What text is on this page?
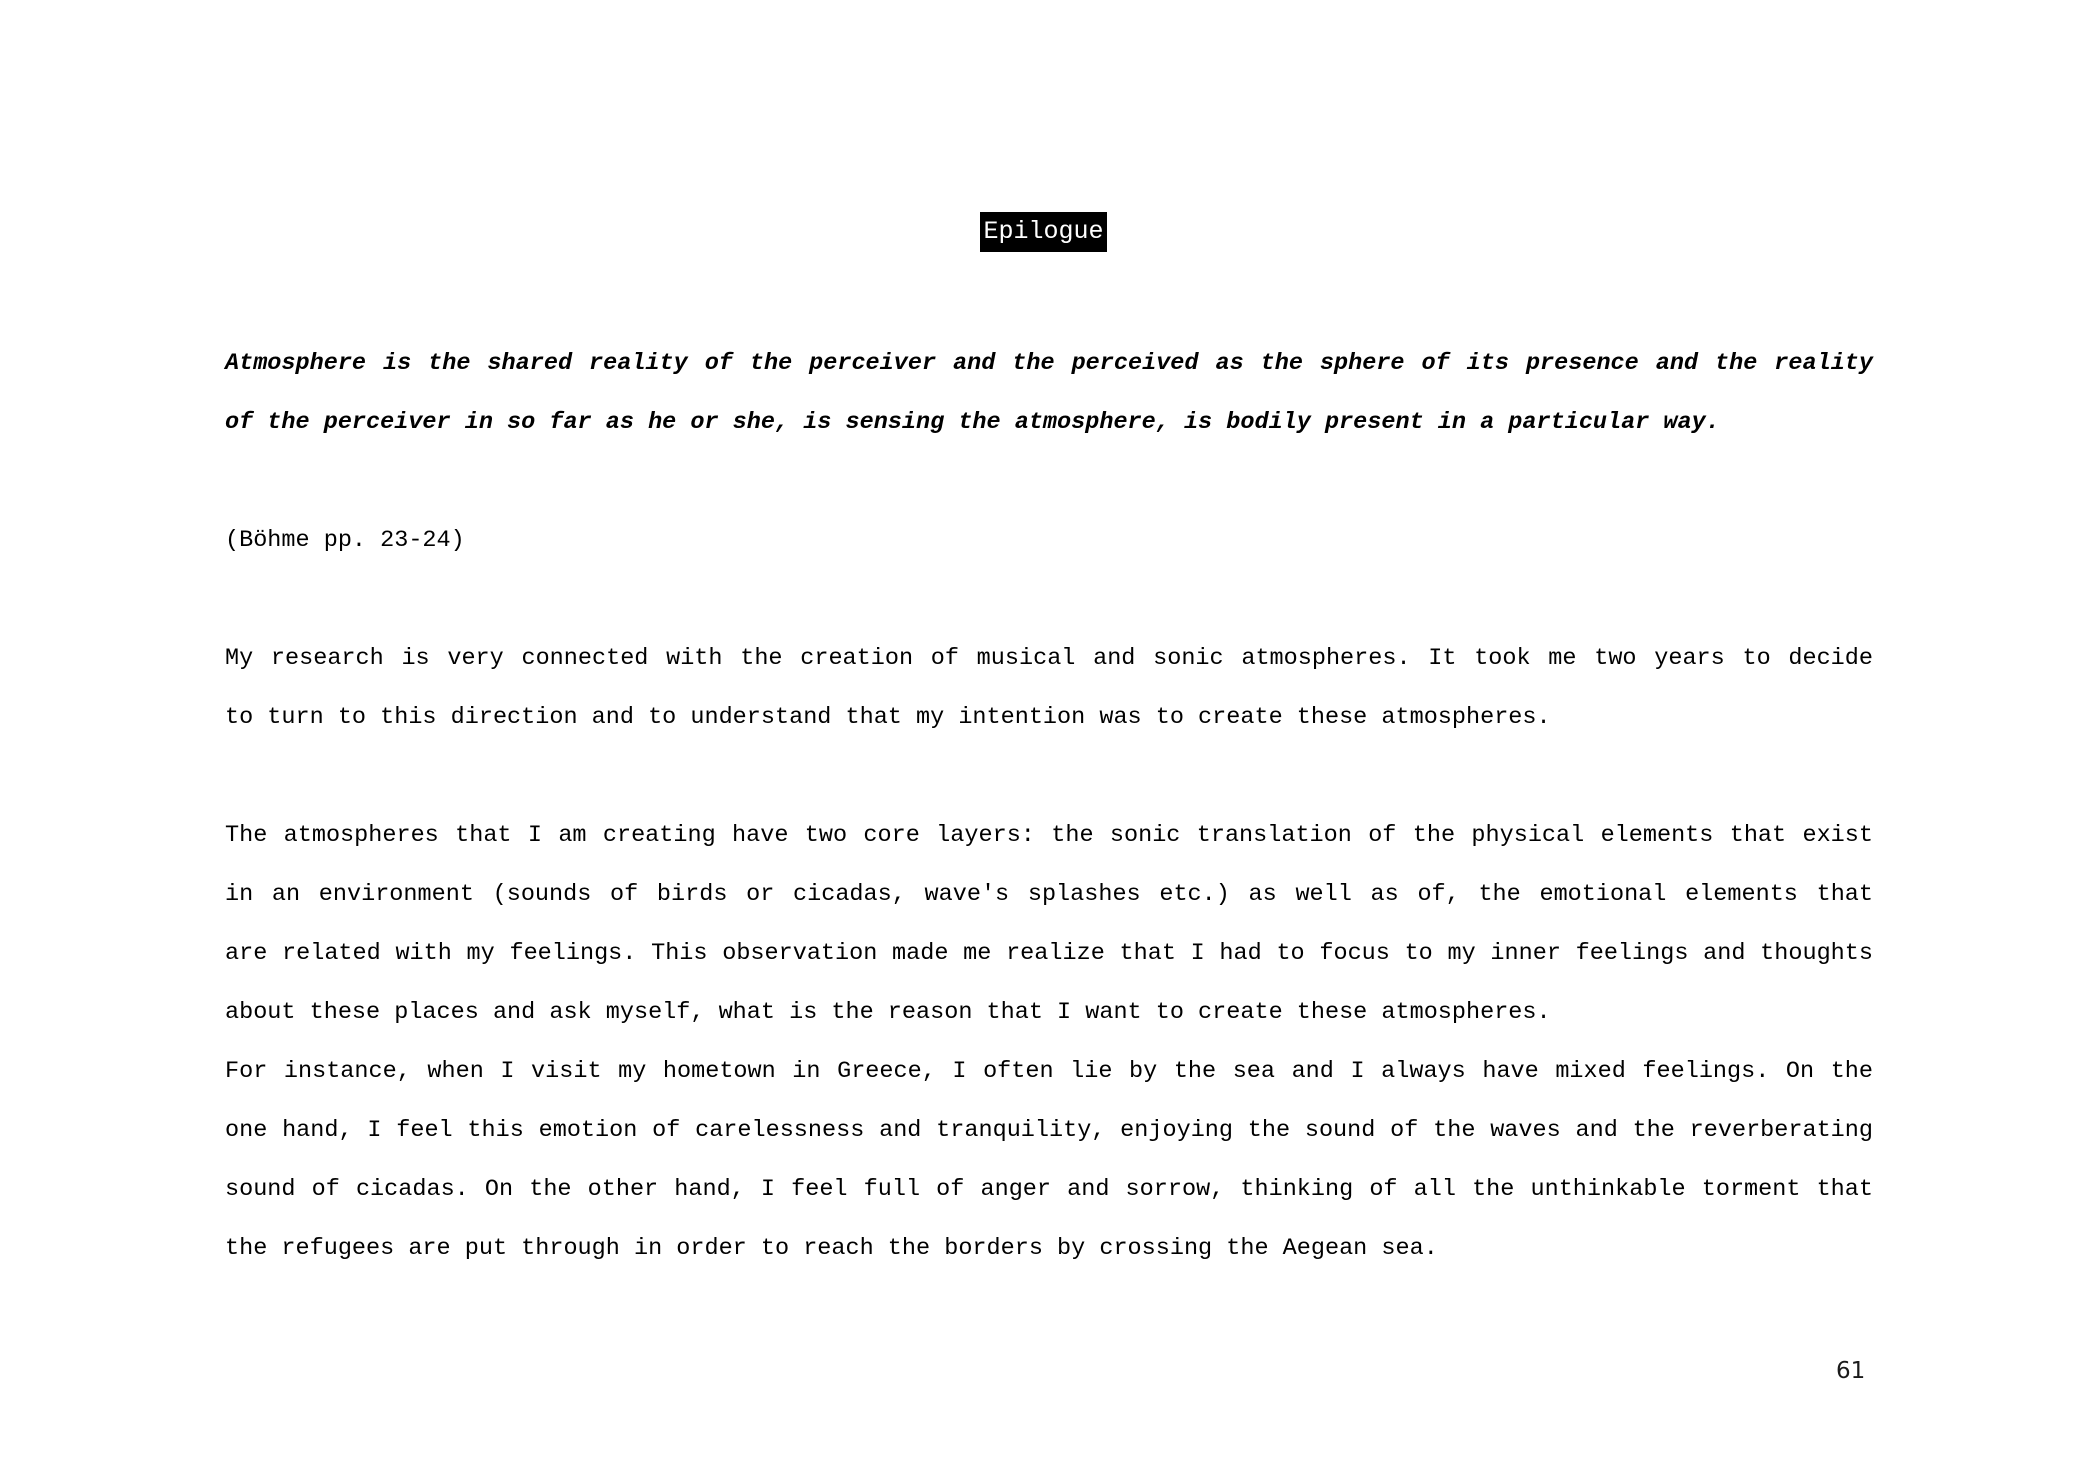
Epilogue
Atmosphere is the shared reality of the perceiver and the perceived as the sphere of its presence and the reality
of the perceiver in so far as he or she, is sensing the atmosphere, is bodily present in a particular way.
(Böhme pp. 23-24)
My research is very connected with the creation of musical and sonic atmospheres. It took me two years to decide
to turn to this direction and to understand that my intention was to create these atmospheres.
The atmospheres that I am creating have two core layers: the sonic translation of the physical elements that exist
in an environment (sounds of birds or cicadas, wave's splashes etc.) as well as of, the emotional elements that
are related with my feelings. This observation made me realize that I had to focus to my inner feelings and thoughts
about these places and ask myself, what is the reason that I want to create these atmospheres.
For instance, when I visit my hometown in Greece, I often lie by the sea and I always have mixed feelings. On the
one hand, I feel this emotion of carelessness and tranquility, enjoying the sound of the waves and the reverberating
sound of cicadas. On the other hand, I feel full of anger and sorrow, thinking of all the unthinkable torment that
the refugees are put through in order to reach the borders by crossing the Aegean sea.
61
